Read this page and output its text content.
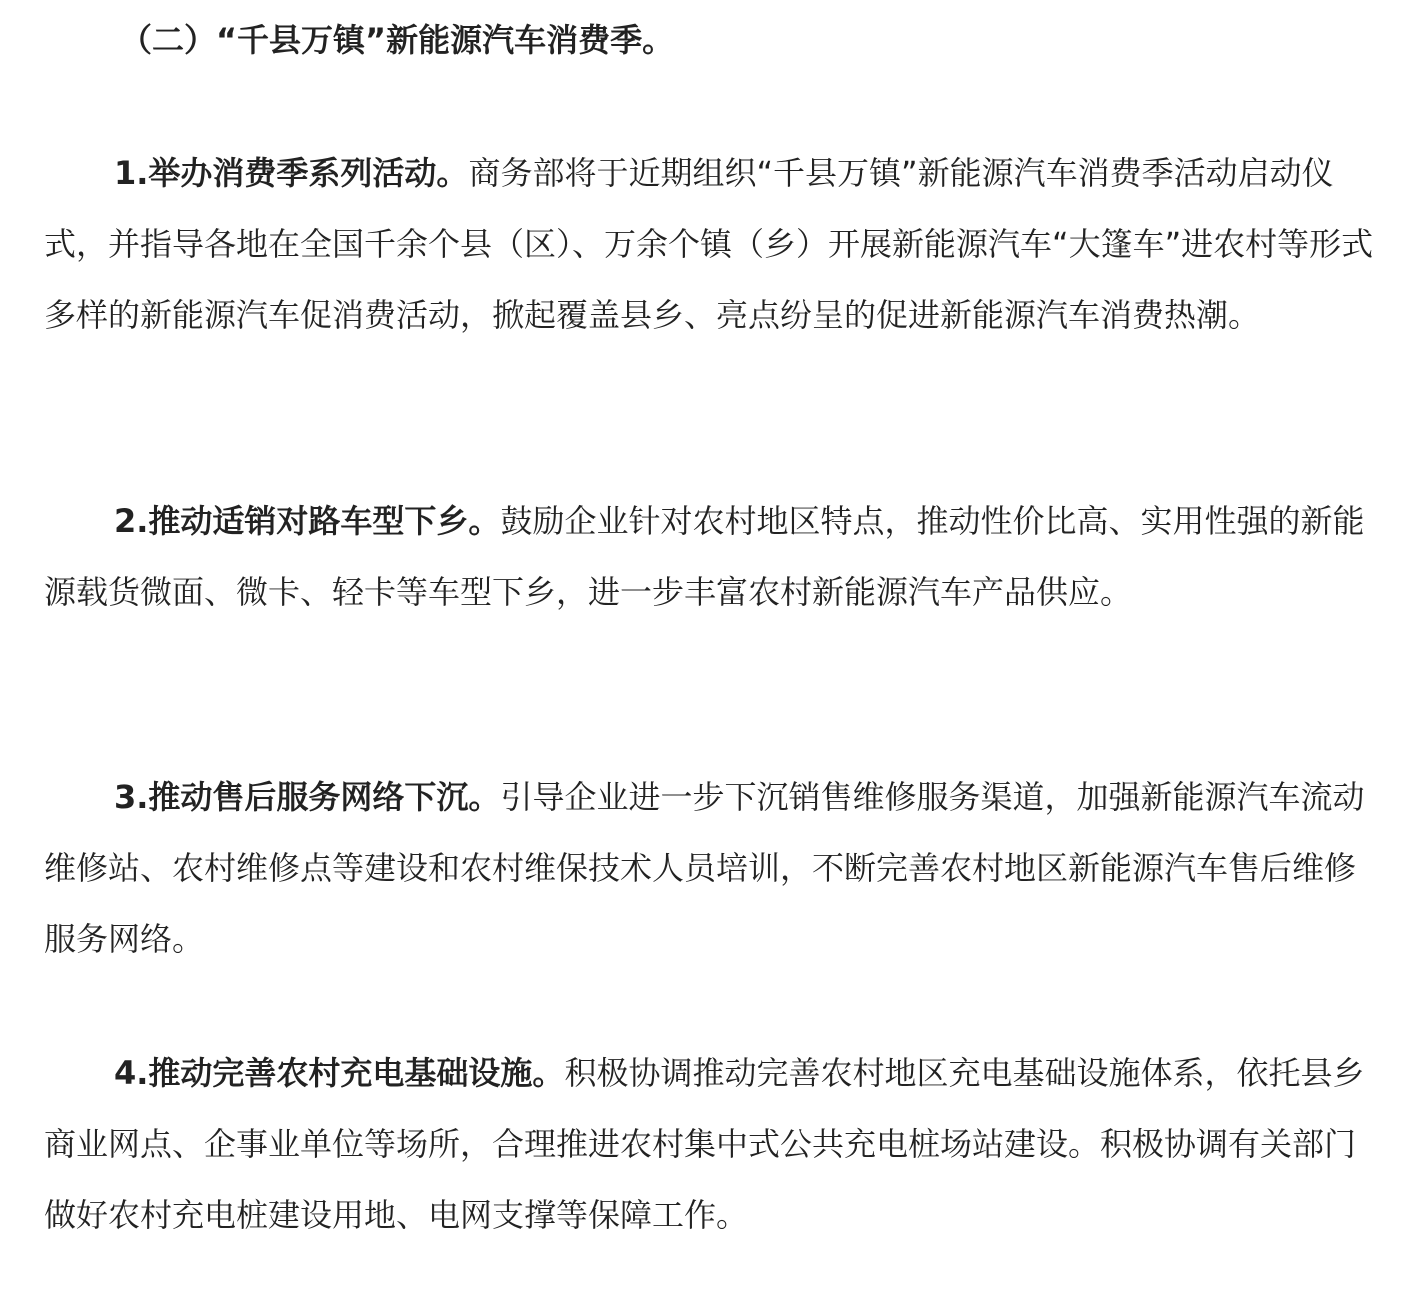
（二）“千县万镇”新能源汽车消费季。

1.举办消费季系列活动。商务部将于近期组织“千县万镇”新能源汽车消费季活动启动仪式，并指导各地在全国千余个县（区）、万余个镇（乡）开展新能源汽车“大篷车”进农村等形式多样的新能源汽车促消费活动，掀起覆盖县乡、亮点纷呈的促进新能源汽车消费热潮。

2.推动适销对路车型下乡。鼓励企业针对农村地区特点，推动性价比高、实用性强的新能源载货微面、微卡、轻卡等车型下乡，进一步丰富农村新能源汽车产品供应。

3.推动售后服务网络下沉。引导企业进一步下沉销售维修服务渠道，加强新能源汽车流动维修站、农村维修点等建设和农村维保技术人员培训，不断完善农村地区新能源汽车售后维修服务网络。

4.推动完善农村充电基础设施。积极协调推动完善农村地区充电基础设施体系，依托县乡商业网点、企事业单位等场所，合理推进农村集中式公共充电桩场站建设。积极协调有关部门做好农村充电桩建设用地、电网支撑等保障工作。
